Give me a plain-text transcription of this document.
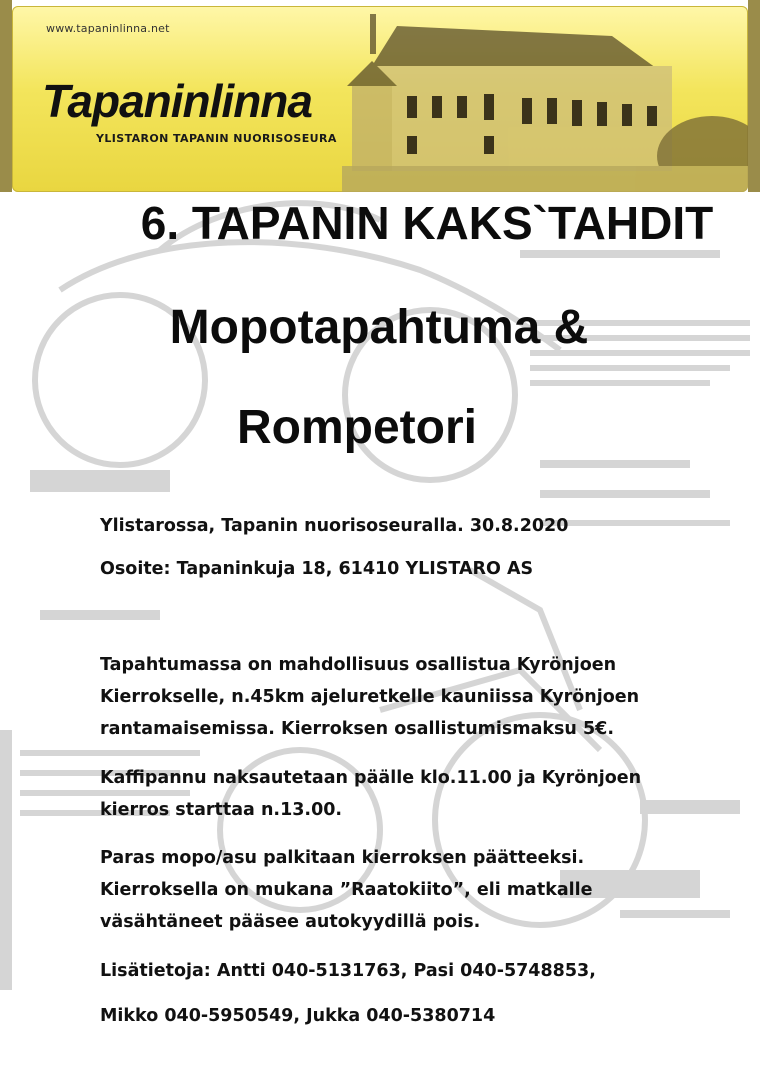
www.tapaninlinna.net
Tapaninlinna
YLISTARON TAPANIN NUORISOSEURA
6. TAPANIN KAKS`TAHDIT
Mopotapahtuma &
Rompetori
Ylistarossa, Tapanin nuorisoseuralla. 30.8.2020
Osoite: Tapaninkuja 18, 61410 YLISTARO AS
Tapahtumassa on mahdollisuus osallistua Kyrönjoen
Kierrokselle, n.45km ajeluretkelle kauniissa Kyrönjoen
rantamaisemissa. Kierroksen osallistumismaksu 5€.
Kaffipannu naksautetaan päälle klo.11.00 ja Kyrönjoen
kierros starttaa n.13.00.
Paras mopo/asu palkitaan kierroksen päätteeksi.
Kierroksella on mukana ”Raatokiito”, eli matkalle
väsähtäneet pääsee autokyydillä pois.
Lisätietoja: Antti 040-5131763, Pasi 040-5748853,
Mikko 040-5950549, Jukka 040-5380714
